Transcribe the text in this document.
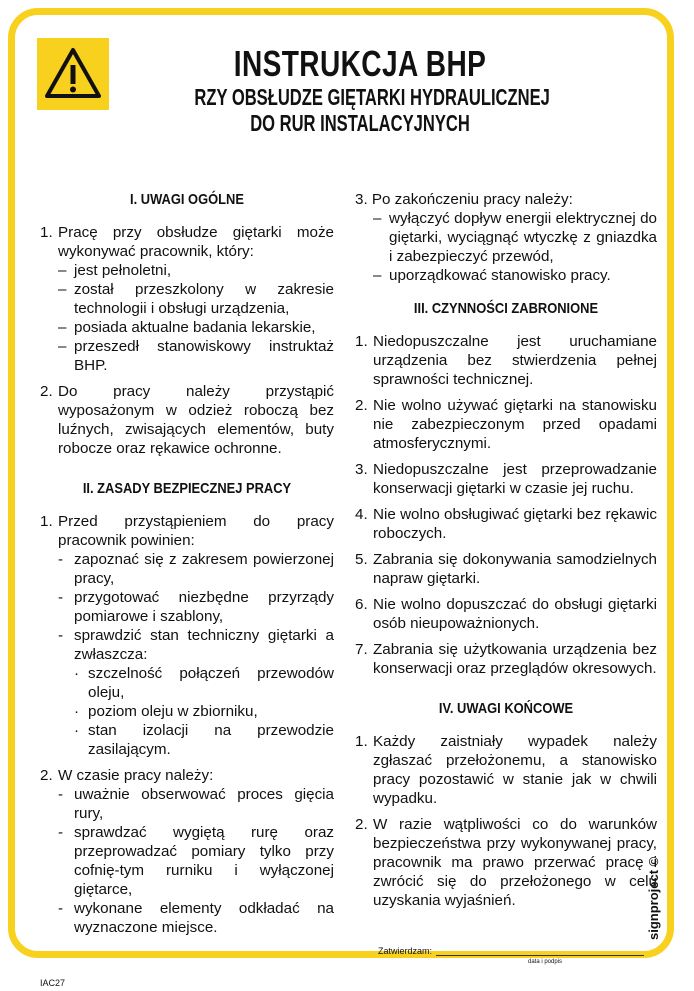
INSTRUKCJA BHP
RZY OBSŁUDZE GIĘTARKI HYDRAULICZNEJ
DO RUR INSTALACYJNYCH
I. UWAGI OGÓLNE
1. Pracę przy obsłudze giętarki może wykonywać pracownik, który:
– jest pełnoletni,
– został przeszkolony w zakresie technologii i obsługi urządzenia,
– posiada aktualne badania lekarskie,
– przeszedł stanowiskowy instruktaż BHP.
2. Do pracy należy przystąpić wyposażonym w odzież roboczą bez luźnych, zwisających elementów, buty robocze oraz rękawice ochronne.
II. ZASADY BEZPIECZNEJ PRACY
1. Przed przystąpieniem do pracy pracownik powinien:
- zapoznać się z zakresem powierzonej pracy,
- przygotować niezbędne przyrządy pomiarowe i szablony,
- sprawdzić stan techniczny giętarki a zwłaszcza:
· szczelność połączeń przewodów oleju,
· poziom oleju w zbiorniku,
· stan izolacji na przewodzie zasilającym.
2. W czasie pracy należy:
- uważnie obserwować proces gięcia rury,
- sprawdzać wygiętą rurę oraz przeprowadzać pomiary tylko przy cofnię-tym rurniku i wyłączonej giętarce,
- wykonane elementy odkładać na wyznaczone miejsce.
3. Po zakończeniu pracy należy:
– wyłączyć dopływ energii elektrycznej do giętarki, wyciągnąć wtyczkę z gniazdka i zabezpieczyć przewód,
– uporządkować stanowisko pracy.
III. CZYNNOŚCI ZABRONIONE
1. Niedopuszczalne jest uruchamiane urządzenia bez stwierdzenia pełnej sprawności technicznej.
2. Nie wolno używać giętarki na stanowisku nie zabezpieczonym przed opadami atmosferycznymi.
3. Niedopuszczalne jest przeprowadzanie konserwacji giętarki w czasie jej ruchu.
4. Nie wolno obsługiwać giętarki bez rękawic roboczych.
5. Zabrania się dokonywania samodzielnych napraw giętarki.
6. Nie wolno dopuszczać do obsługi giętarki osób nieupoważnionych.
7. Zabrania się użytkowania urządzenia bez konserwacji oraz przeglądów okresowych.
IV. UWAGI KOŃCOWE
1. Każdy zaistniały wypadek należy zgłaszać przełożonemu, a stanowisko pracy pozostawić w stanie jak w chwili wypadku.
2. W razie wątpliwości co do warunków bezpieczeństwa przy wykonywanej pracy, pracownik ma prawo przerwać pracę i zwrócić się do przełożonego w celu uzyskania wyjaśnień.
Zatwierdzam:
data i podpis
IAC27
signproject ©
